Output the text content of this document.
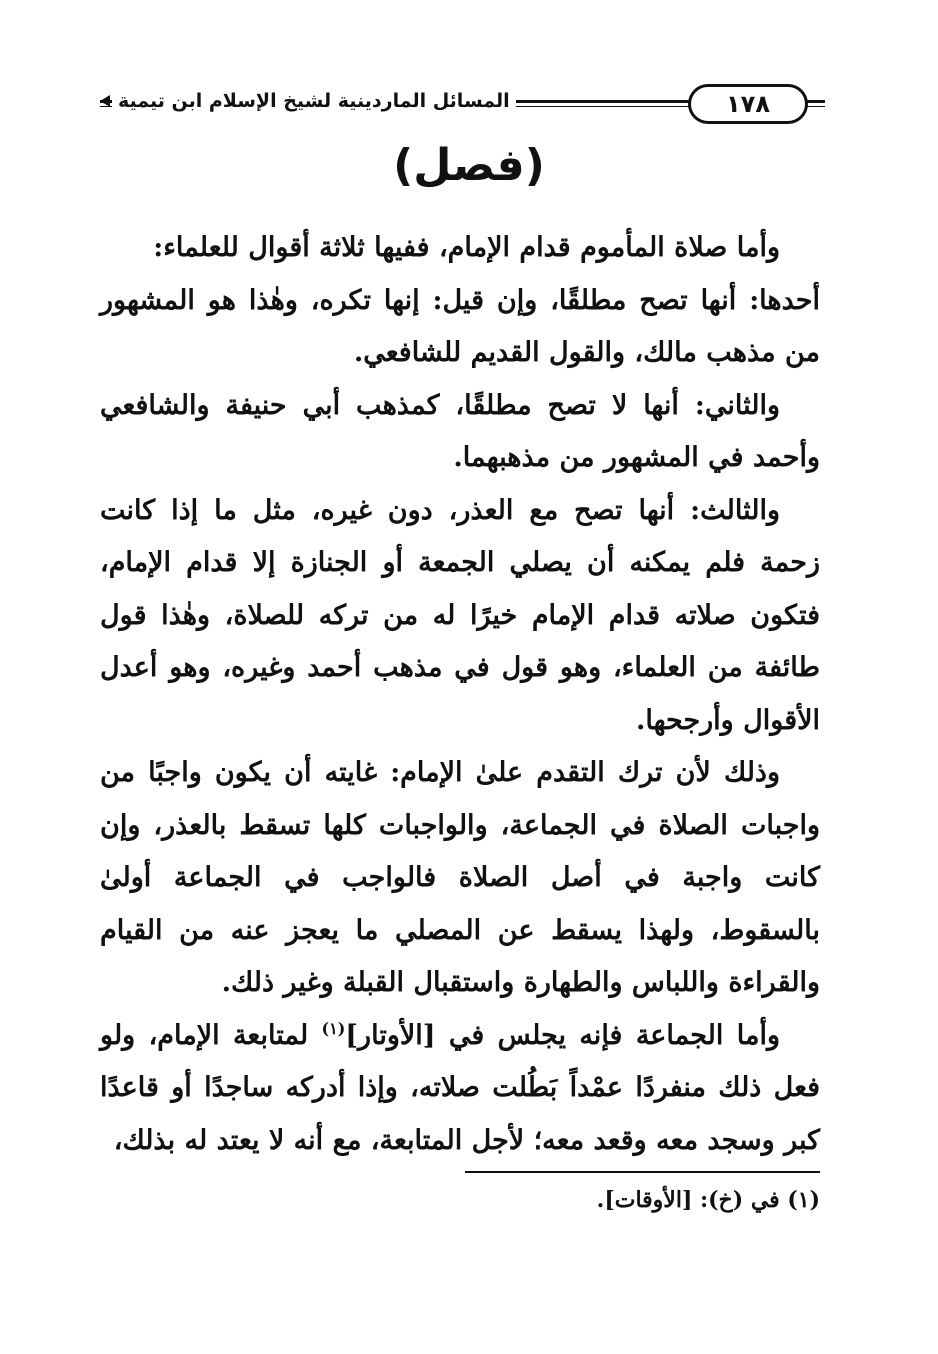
المسائل الماردينية لشيخ الإسلام ابن تيمية	١٧٨
(فصل)

وأما صلاة المأموم قدام الإمام، ففيها ثلاثة أقوال للعلماء:

أحدها: أنها تصح مطلقًا، وإن قيل: إنها تكره، وهٰذا هو المشهور من مذهب مالك، والقول القديم للشافعي.

والثاني: أنها لا تصح مطلقًا، كمذهب أبي حنيفة والشافعي وأحمد في المشهور من مذهبهما.

والثالث: أنها تصح مع العذر، دون غيره، مثل ما إذا كانت زحمة فلم يمكنه أن يصلي الجمعة أو الجنازة إلا قدام الإمام، فتكون صلاته قدام الإمام خيرًا له من تركه للصلاة، وهٰذا قول طائفة من العلماء، وهو قول في مذهب أحمد وغيره، وهو أعدل الأقوال وأرجحها.

وذلك لأن ترك التقدم علىٰ الإمام: غايته أن يكون واجبًا من واجبات الصلاة في الجماعة، والواجبات كلها تسقط بالعذر، وإن كانت واجبة في أصل الصلاة فالواجب في الجماعة أولىٰ بالسقوط، ولهذا يسقط عن المصلي ما يعجز عنه من القيام والقراءة واللباس والطهارة واستقبال القبلة وغير ذلك.

وأما الجماعة فإنه يجلس في [الأوتار]$^{(١)}$ لمتابعة الإمام، ولو فعل ذلك منفردًا عمْداً بَطُلت صلاته، وإذا أدركه ساجدًا أو قاعدًا كبر وسجد معه وقعد معه؛ لأجل المتابعة، مع أنه لا يعتد له بذلك،

(١) في (خ): [الأوقات].
